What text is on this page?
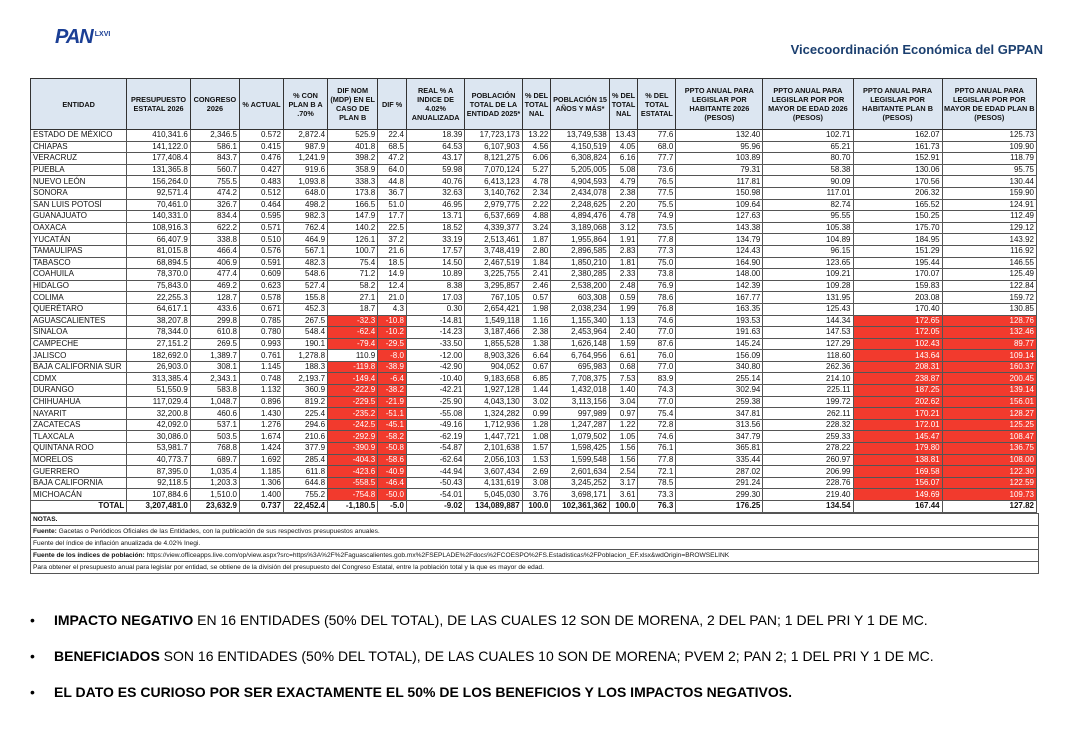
PAN LXVI
Vicecoordinación Económica del GPPAN
ENTIDAD	PRESUPUESTO ESTATAL 2026	CONGRESO 2026	% ACTUAL	% CON PLAN B A .70%	DIF NOM (MDP) EN EL CASO DE PLAN B	DIF %	REAL % A INDICE DE 4.02% ANUALIZADA	POBLACIÓN TOTAL DE LA ENTIDAD 2025*	% DEL TOTAL NAL	POBLACIÓN 15 AÑOS Y MÁS*	% DEL TOTAL NAL	% DEL TOTAL ESTATAL	PPTO ANUAL PARA LEGISLAR POR HABITANTE 2026 (PESOS)	PPTO ANUAL PARA LEGISLAR POR POR MAYOR DE EDAD 2026 (PESOS)	PPTO ANUAL PARA LEGISLAR POR HABITANTE PLAN B (PESOS)	PPTO ANUAL PARA LEGISLAR POR POR MAYOR DE EDAD PLAN B (PESOS)
ESTADO DE MÉXICO	410,341.6	2,346.5	0.572	2,872.4	525.9	22.4	18.39	17,723,173	13.22	13,749,538	13.43	77.6	132.40	102.71	162.07	125.73
CHIAPAS	141,122.0	586.1	0.415	987.9	401.8	68.5	64.53	6,107,903	4.56	4,150,519	4.05	68.0	95.96	65.21	161.73	109.90
VERACRUZ	177,408.4	843.7	0.476	1,241.9	398.2	47.2	43.17	8,121,275	6.06	6,308,824	6.16	77.7	103.89	80.70	152.91	118.79
PUEBLA	131,365.8	560.7	0.427	919.6	358.9	64.0	59.98	7,070,124	5.27	5,205,005	5.08	73.6	79.31	58.38	130.06	95.75
NUEVO LEÓN	156,264.0	755.5	0.483	1,093.8	338.3	44.8	40.76	6,413,123	4.78	4,904,593	4.79	76.5	117.81	90.09	170.56	130.44
SONORA	92,571.4	474.2	0.512	648.0	173.8	36.7	32.63	3,140,762	2.34	2,434,078	2.38	77.5	150.98	117.01	206.32	159.90
SAN LUIS POTOSÍ	70,461.0	326.7	0.464	498.2	166.5	51.0	46.95	2,979,775	2.22	2,248,625	2.20	75.5	109.64	82.74	165.52	124.91
GUANAJUATO	140,331.0	834.4	0.595	982.3	147.9	17.7	13.71	6,537,669	4.88	4,894,476	4.78	74.9	127.63	95.55	150.25	112.49
OAXACA	108,916.3	622.2	0.571	762.4	140.2	22.5	18.52	4,339,377	3.24	3,189,068	3.12	73.5	143.38	105.38	175.70	129.12
YUCATÁN	66,407.9	338.8	0.510	464.9	126.1	37.2	33.19	2,513,461	1.87	1,955,864	1.91	77.8	134.79	104.89	184.95	143.92
TAMAULIPAS	81,015.8	466.4	0.576	567.1	100.7	21.6	17.57	3,748,419	2.80	2,896,585	2.83	77.3	124.43	96.15	151.29	116.92
TABASCO	68,894.5	406.9	0.591	482.3	75.4	18.5	14.50	2,467,519	1.84	1,850,210	1.81	75.0	164.90	123.65	195.44	146.55
COAHUILA	78,370.0	477.4	0.609	548.6	71.2	14.9	10.89	3,225,755	2.41	2,380,285	2.33	73.8	148.00	109.21	170.07	125.49
HIDALGO	75,843.0	469.2	0.623	527.4	58.2	12.4	8.38	3,295,857	2.46	2,538,200	2.48	76.9	142.39	109.28	159.83	122.84
COLIMA	22,255.3	128.7	0.578	155.8	27.1	21.0	17.03	767,105	0.57	603,308	0.59	78.6	167.77	131.95	203.08	159.72
QUERÉTARO	64,617.1	433.6	0.671	452.3	18.7	4.3	0.30	2,654,421	1.98	2,038,234	1.99	76.8	163.35	125.43	170.40	130.85
AGUASCALIENTES	38,207.8	299.8	0.785	267.5	-32.3	-10.8	-14.81	1,549,118	1.16	1,155,340	1.13	74.6	193.53	144.34	172.65	128.76
SINALOA	78,344.0	610.8	0.780	548.4	-62.4	-10.2	-14.23	3,187,466	2.38	2,453,964	2.40	77.0	191.63	147.53	172.05	132.46
CAMPECHE	27,151.2	269.5	0.993	190.1	-79.4	-29.5	-33.50	1,855,528	1.38	1,626,148	1.59	87.6	145.24	127.29	102.43	89.77
JALISCO	182,692.0	1,389.7	0.761	1,278.8	110.9	-8.0	-12.00	8,903,326	6.64	6,764,956	6.61	76.0	156.09	118.60	143.64	109.14
BAJA CALIFORNIA SUR	26,903.0	308.1	1.145	188.3	-119.8	-38.9	-42.90	904,052	0.67	695,983	0.68	77.0	340.80	262.36	208.31	160.37
CDMX	313,385.4	2,343.1	0.748	2,193.7	-149.4	-6.4	-10.40	9,183,658	6.85	7,708,375	7.53	83.9	255.14	214.10	238.87	200.45
DURANGO	51,550.9	583.8	1.132	360.9	-222.9	-38.2	-42.21	1,927,128	1.44	1,432,018	1.40	74.3	302.94	225.11	187.25	139.14
CHIHUAHUA	117,029.4	1,048.7	0.896	819.2	-229.5	-21.9	-25.90	4,043,130	3.02	3,113,156	3.04	77.0	259.38	199.72	202.62	156.01
NAYARIT	32,200.8	460.6	1.430	225.4	-235.2	-51.1	-55.08	1,324,282	0.99	997,989	0.97	75.4	347.81	262.11	170.21	128.27
ZACATECAS	42,092.0	537.1	1.276	294.6	-242.5	-45.1	-49.16	1,712,936	1.28	1,247,287	1.22	72.8	313.56	228.32	172.01	125.25
TLAXCALA	30,086.0	503.5	1.674	210.6	-292.9	-58.2	-62.19	1,447,721	1.08	1,079,502	1.05	74.6	347.79	259.33	145.47	108.47
QUINTANA ROO	53,981.7	768.8	1.424	377.9	-390.9	-50.8	-54.87	2,101,638	1.57	1,598,425	1.56	76.1	365.81	278.22	179.80	136.75
MORELOS	40,773.7	689.7	1.692	285.4	-404.3	-58.6	-62.64	2,056,103	1.53	1,599,548	1.56	77.8	335.44	260.97	138.81	108.00
GUERRERO	87,395.0	1,035.4	1.185	611.8	-423.6	-40.9	-44.94	3,607,434	2.69	2,601,634	2.54	72.1	287.02	206.99	169.58	122.30
BAJA CALIFORNIA	92,118.5	1,203.3	1.306	644.8	-558.5	-46.4	-50.43	4,131,619	3.08	3,245,252	3.17	78.5	291.24	228.76	156.07	122.59
MICHOACÁN	107,884.6	1,510.0	1.400	755.2	-754.8	-50.0	-54.01	5,045,030	3.76	3,698,171	3.61	73.3	299.30	219.40	149.69	109.73
TOTAL	3,207,481.0	23,632.9	0.737	22,452.4	-1,180.5	-5.0	-9.02	134,089,887	100.0	102,361,362	100.0	76.3	176.25	134.54	167.44	127.82
NOTAS.
Fuente: Gacetas o Periódicos Oficiales de las Entidades, con la publicación de sus respectivos presupuestos anuales.
Fuente del índice de inflación anualizada de 4.02% Inegi.
Fuente de los índices de población: https://view.officeapps.live.com/op/view.aspx?src=https%3A%2F%2Faguascalientes.gob.mx%2FSEPLADE%2Fdocs%2FCOESPO%2FS.Estadisticas%2FPoblacion_EF.xlsx&wdOrigin=BROWSELINK
Para obtener el presupuesto anual para legislar por entidad, se obtiene de la división del presupuesto del Congreso Estatal, entre la población total y la que es mayor de edad.
•	IMPACTO NEGATIVO EN 16 ENTIDADES (50% DEL TOTAL), DE LAS CUALES 12 SON DE MORENA, 2 DEL PAN; 1 DEL PRI Y 1 DE MC.
•	BENEFICIADOS SON 16 ENTIDADES (50% DEL TOTAL), DE LAS CUALES 10 SON DE MORENA; PVEM 2; PAN 2; 1 DEL PRI Y 1 DE MC.
•	EL DATO ES CURIOSO POR SER EXACTAMENTE EL 50% DE LOS BENEFICIOS Y LOS IMPACTOS NEGATIVOS.
